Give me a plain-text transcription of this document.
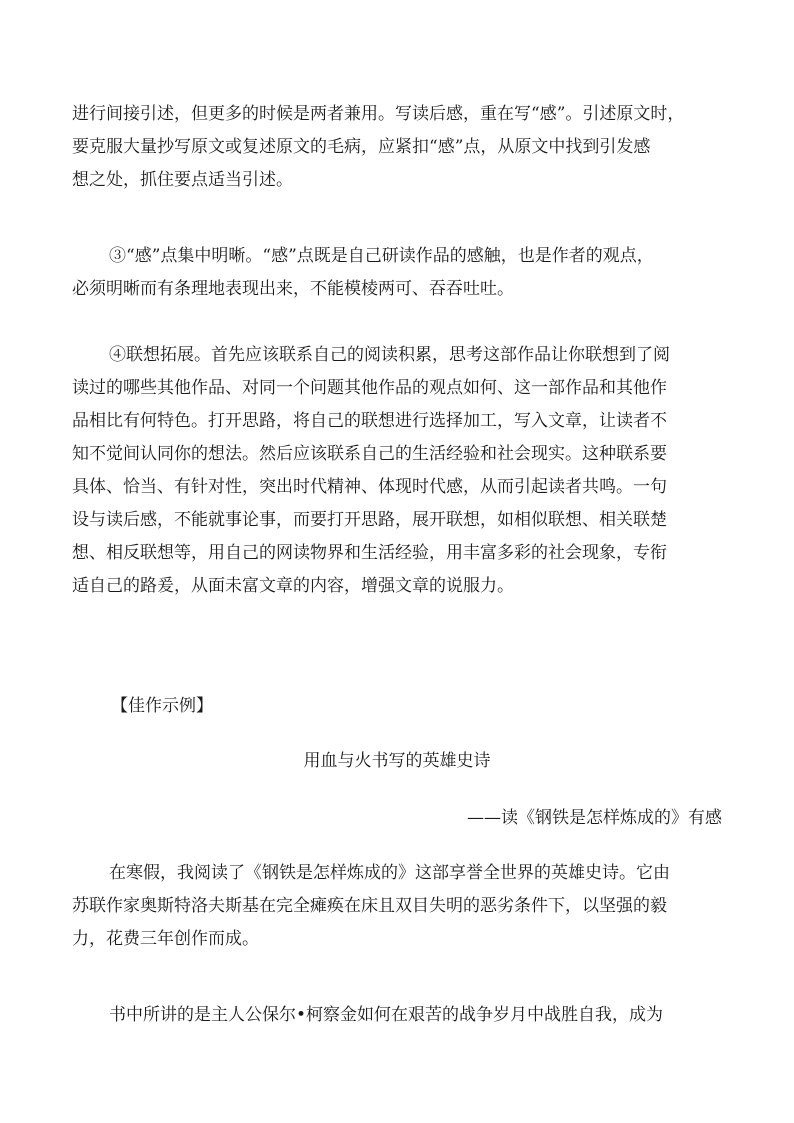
进行间接引述，但更多的时候是两者兼用。写读后感，重在写“感”。引述原文时，
要克服大量抄写原文或复述原文的毛病，应紧扣“感”点，从原文中找到引发感
想之处，抓住要点适当引述。
③“感”点集中明晰。“感”点既是自己研读作品的感触，也是作者的观点，
必须明晰而有条理地表现出来，不能模棱两可、吞吞吐吐。
④联想拓展。首先应该联系自己的阅读积累，思考这部作品让你联想到了阅
读过的哪些其他作品、对同一个问题其他作品的观点如何、这一部作品和其他作
品相比有何特色。打开思路，将自己的联想进行选择加工，写入文章，让读者不
知不觉间认同你的想法。然后应该联系自己的生活经验和社会现实。这种联系要
具体、恰当、有针对性，突出时代精神、体现时代感，从而引起读者共鸣。一句
设与读后感，不能就事论事，而要打开思路，展开联想，如相似联想、相关联楚
想、相反联想等，用自己的网读物界和生活经验，用丰富多彩的社会现象，专衔
适自己的路爰，从面未富文章的内容，增强文章的说服力。

【佳作示例】

用血与火书写的英雄史诗

——读《钢铁是怎样炼成的》有感

在寒假，我阅读了《钢铁是怎样炼成的》这部享誉全世界的英雄史诗。它由
苏联作家奥斯特洛夫斯基在完全瘫痪在床且双目失明的恶劣条件下，以坚强的毅
力，花费三年创作而成。
书中所讲的是主人公保尔•柯察金如何在艰苦的战争岁月中战胜自我，成为
